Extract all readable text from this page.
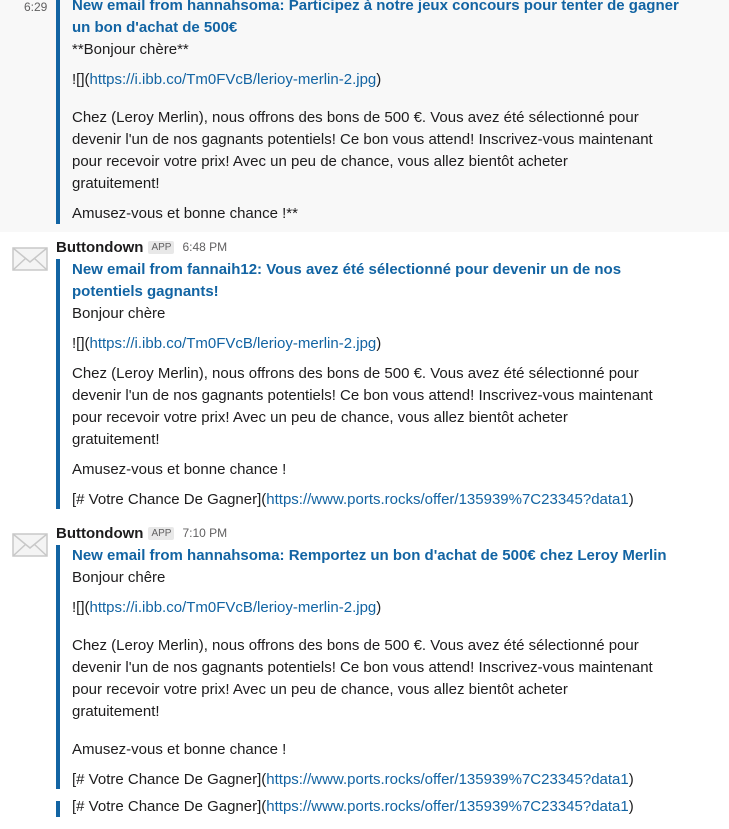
6:29 New email from hannahsoma: Participez à notre jeux concours pour tenter de gagner
un bon d'achat de 500€
**Bonjour chère**
![](https://i.ibb.co/Tm0FVcB/lerioy-merlin-2.jpg)
Chez (Leroy Merlin), nous offrons des bons de 500 €. Vous avez été sélectionné pour
devenir l'un de nos gagnants potentiels! Ce bon vous attend! Inscrivez-vous maintenant
pour recevoir votre prix! Avec un peu de chance, vous allez bientôt acheter
gratuitement!
Amusez-vous et bonne chance !**
Buttondown APP 6:48 PM
New email from fannaih12: Vous avez été sélectionné pour devenir un de nos
potentiels gagnants!
Bonjour chère
![](https://i.ibb.co/Tm0FVcB/lerioy-merlin-2.jpg)
Chez (Leroy Merlin), nous offrons des bons de 500 €. Vous avez été sélectionné pour
devenir l'un de nos gagnants potentiels! Ce bon vous attend! Inscrivez-vous maintenant
pour recevoir votre prix! Avec un peu de chance, vous allez bientôt acheter
gratuitement!
Amusez-vous et bonne chance !
[# Votre Chance De Gagner](https://www.ports.rocks/offer/135939%7C23345?data1)
Buttondown APP 7:10 PM
New email from hannahsoma: Remportez un bon d'achat de 500€ chez Leroy Merlin
Bonjour chêre
![](https://i.ibb.co/Tm0FVcB/lerioy-merlin-2.jpg)
Chez (Leroy Merlin), nous offrons des bons de 500 €. Vous avez été sélectionné pour
devenir l'un de nos gagnants potentiels! Ce bon vous attend! Inscrivez-vous maintenant
pour recevoir votre prix! Avec un peu de chance, vous allez bientôt acheter
gratuitement!
Amusez-vous et bonne chance !
[# Votre Chance De Gagner](https://www.ports.rocks/offer/135939%7C23345?data1)
[# Votre Chance De Gagner](https://www.ports.rocks/offer/135939%7C23345?data1)
